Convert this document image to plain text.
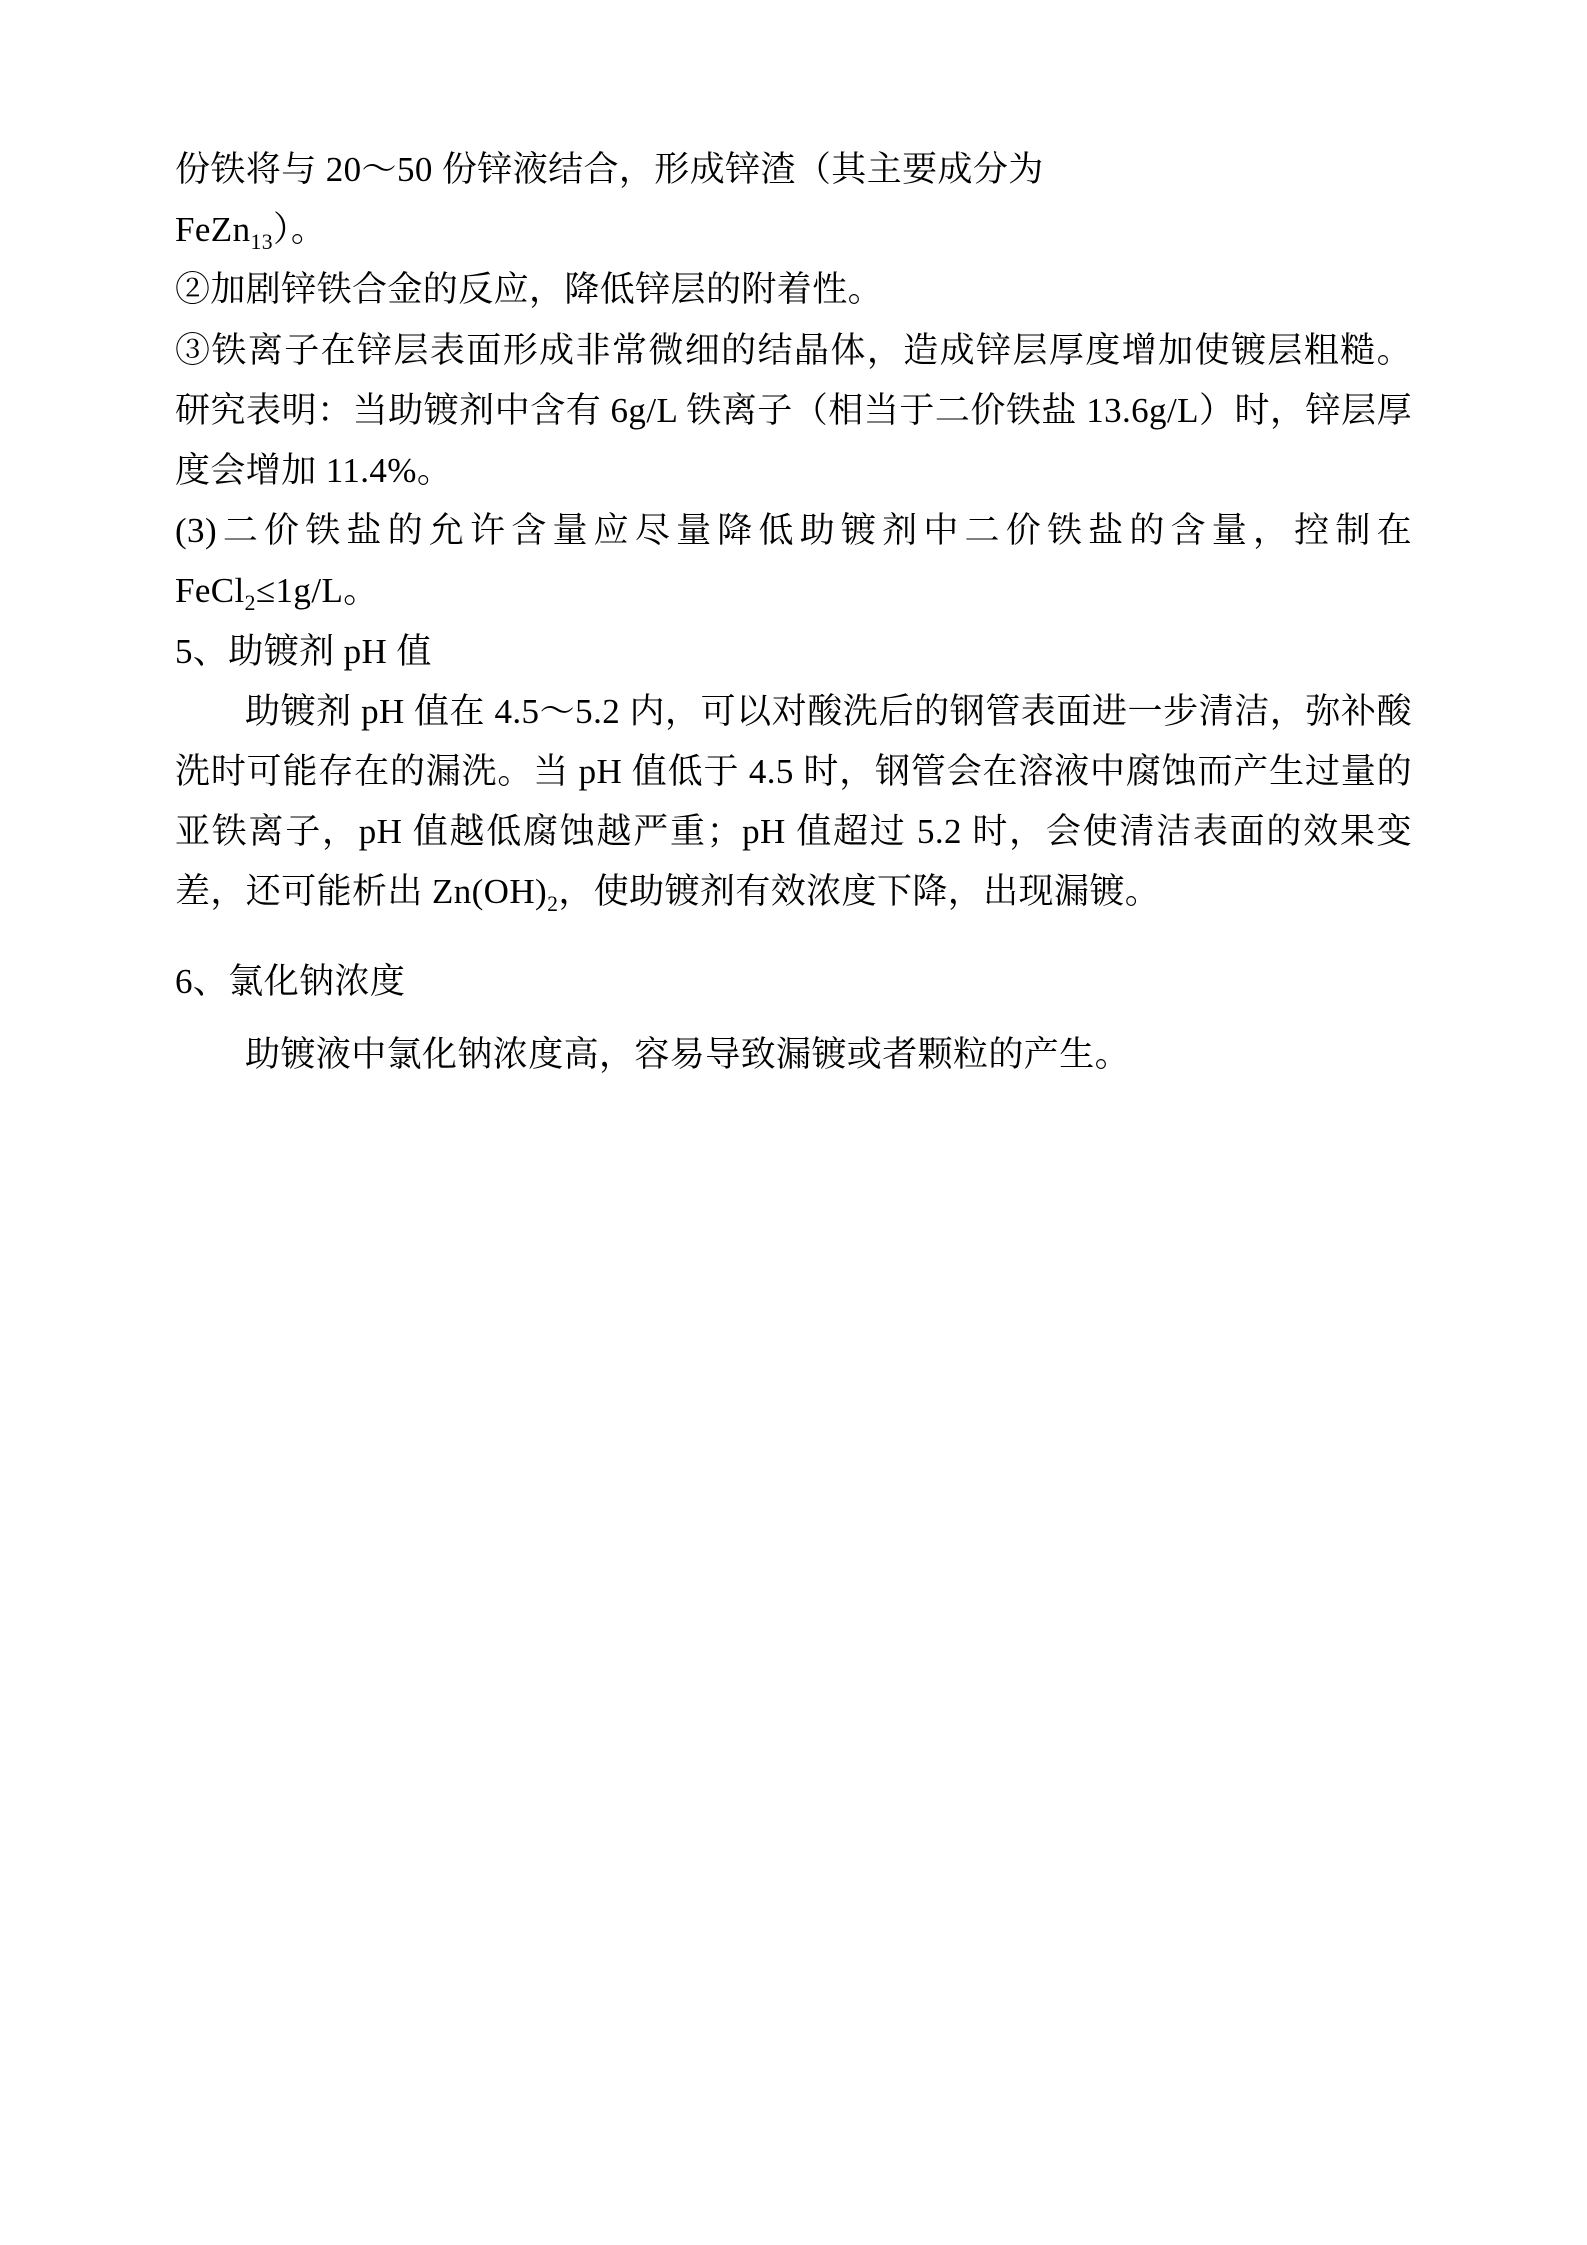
份铁将与 20～50 份锌液结合，形成锌渣（其主要成分为

FeZn$_{13}$）。

②加剧锌铁合金的反应，降低锌层的附着性。

③铁离子在锌层表面形成非常微细的结晶体，造成锌层厚度增加使镀层粗糙。研究表明：当助镀剂中含有 6g/L 铁离子（相当于二价铁盐 13.6g/L）时，锌层厚度会增加 11.4%。

(3)二价铁盐的允许含量应尽量降低助镀剂中二价铁盐的含量，控制在 FeCl$_2$≤1g/L。

5、助镀剂 pH 值

助镀剂 pH 值在 4.5～5.2 内，可以对酸洗后的钢管表面进一步清洁，弥补酸洗时可能存在的漏洗。当 pH 值低于 4.5 时，钢管会在溶液中腐蚀而产生过量的亚铁离子，pH 值越低腐蚀越严重；pH 值超过 5.2 时，会使清洁表面的效果变差，还可能析出 $Zn(OH)_2$，使助镀剂有效浓度下降，出现漏镀。

6、氯化钠浓度

助镀液中氯化钠浓度高，容易导致漏镀或者颗粒的产生。
